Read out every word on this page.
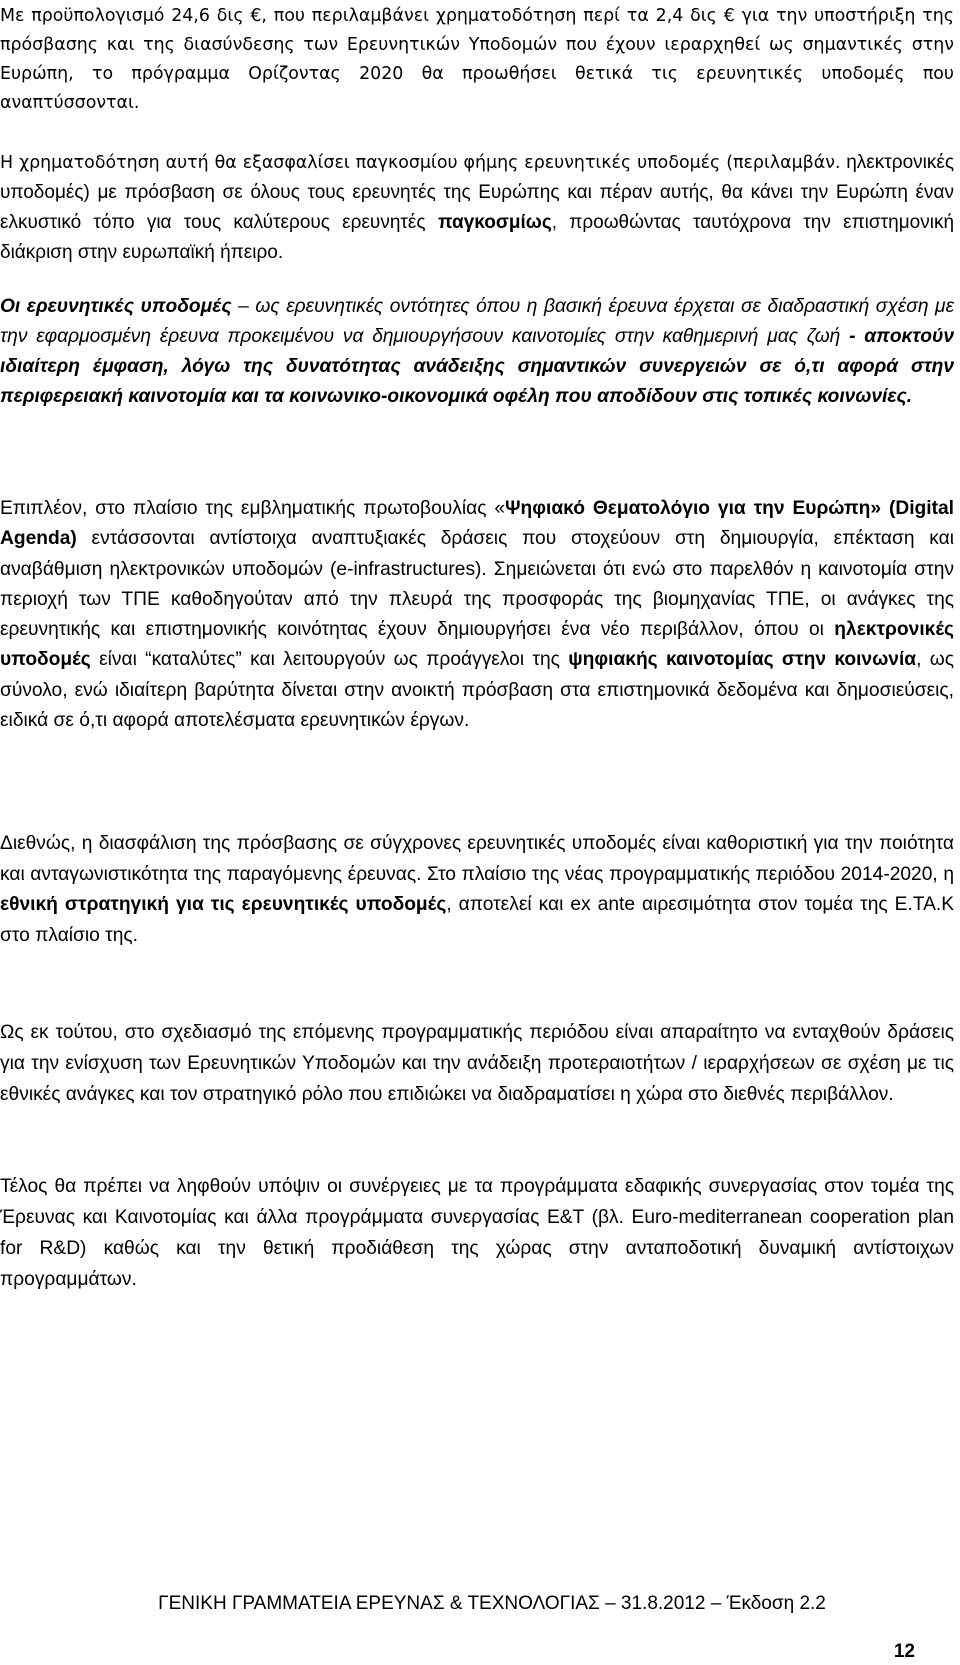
Με προϋπολογισμό 24,6 δις €, που περιλαμβάνει χρηματοδότηση περί τα 2,4 δις € για την υποστήριξη της πρόσβασης και της διασύνδεσης των Ερευνητικών Υποδομών που έχουν ιεραρχηθεί ως σημαντικές στην Ευρώπη, το πρόγραμμα Ορίζοντας 2020 θα προωθήσει θετικά τις ερευνητικές υποδομές που αναπτύσσονται.
Η χρηματοδότηση αυτή θα εξασφαλίσει παγκοσμίου φήμης ερευνητικές υποδομές (περιλαμβάν. ηλεκτρονικές υποδομές) με πρόσβαση σε όλους τους ερευνητές της Ευρώπης και πέραν αυτής, θα κάνει την Ευρώπη έναν ελκυστικό τόπο για τους καλύτερους ερευνητές παγκοσμίως, προωθώντας ταυτόχρονα την επιστημονική διάκριση στην ευρωπαϊκή ήπειρο.
Οι ερευνητικές υποδομές – ως ερευνητικές οντότητες όπου η βασική έρευνα έρχεται σε διαδραστική σχέση με την εφαρμοσμένη έρευνα προκειμένου να δημιουργήσουν καινοτομίες στην καθημερινή μας ζωή - αποκτούν ιδιαίτερη έμφαση, λόγω της δυνατότητας ανάδειξης σημαντικών συνεργειών σε ό,τι αφορά στην περιφερειακή καινοτομία και τα κοινωνικο-οικονομικά οφέλη που αποδίδουν στις τοπικές κοινωνίες.
Επιπλέον, στο πλαίσιο της εμβληματικής πρωτοβουλίας «Ψηφιακό Θεματολόγιο για την Ευρώπη» (Digital Agenda) εντάσσονται αντίστοιχα αναπτυξιακές δράσεις που στοχεύουν στη δημιουργία, επέκταση και αναβάθμιση ηλεκτρονικών υποδομών (e-infrastructures). Σημειώνεται ότι ενώ στο παρελθόν η καινοτομία στην περιοχή των ΤΠΕ καθοδηγούταν από την πλευρά της προσφοράς της βιομηχανίας ΤΠΕ, οι ανάγκες της ερευνητικής και επιστημονικής κοινότητας έχουν δημιουργήσει ένα νέο περιβάλλον, όπου οι ηλεκτρονικές υποδομές είναι “καταλύτες” και λειτουργούν ως προάγγελοι της ψηφιακής καινοτομίας στην κοινωνία, ως σύνολο, ενώ ιδιαίτερη βαρύτητα δίνεται στην ανοικτή πρόσβαση στα επιστημονικά δεδομένα και δημοσιεύσεις, ειδικά σε ό,τι αφορά αποτελέσματα ερευνητικών έργων.
Διεθνώς, η διασφάλιση της πρόσβασης σε σύγχρονες ερευνητικές υποδομές είναι καθοριστική για την ποιότητα και ανταγωνιστικότητα της παραγόμενης έρευνας. Στο πλαίσιο της νέας προγραμματικής περιόδου 2014-2020, η εθνική στρατηγική για τις ερευνητικές υποδομές, αποτελεί και ex ante αιρεσιμότητα στον τομέα της Ε.ΤΑ.Κ στο πλαίσιο της.
Ως εκ τούτου, στο σχεδιασμό της επόμενης προγραμματικής περιόδου είναι απαραίτητο να ενταχθούν δράσεις για την ενίσχυση των Ερευνητικών Υποδομών και την ανάδειξη προτεραιοτήτων / ιεραρχήσεων σε σχέση με τις εθνικές ανάγκες και τον στρατηγικό ρόλο που επιδιώκει να διαδραματίσει η χώρα στο διεθνές περιβάλλον.
Τέλος θα πρέπει να ληφθούν υπόψιν οι συνέργειες με τα προγράμματα εδαφικής συνεργασίας στον τομέα της Έρευνας και Καινοτομίας και άλλα προγράμματα συνεργασίας Ε&Τ (βλ. Euro-mediterranean cooperation plan for R&D) καθώς και την θετική προδιάθεση της χώρας στην ανταποδοτική δυναμική αντίστοιχων προγραμμάτων.
ΓΕΝΙΚΗ ΓΡΑΜΜΑΤΕΙΑ ΕΡΕΥΝΑΣ & ΤΕΧΝΟΛΟΓΙΑΣ – 31.8.2012 – Έκδοση 2.2
12
